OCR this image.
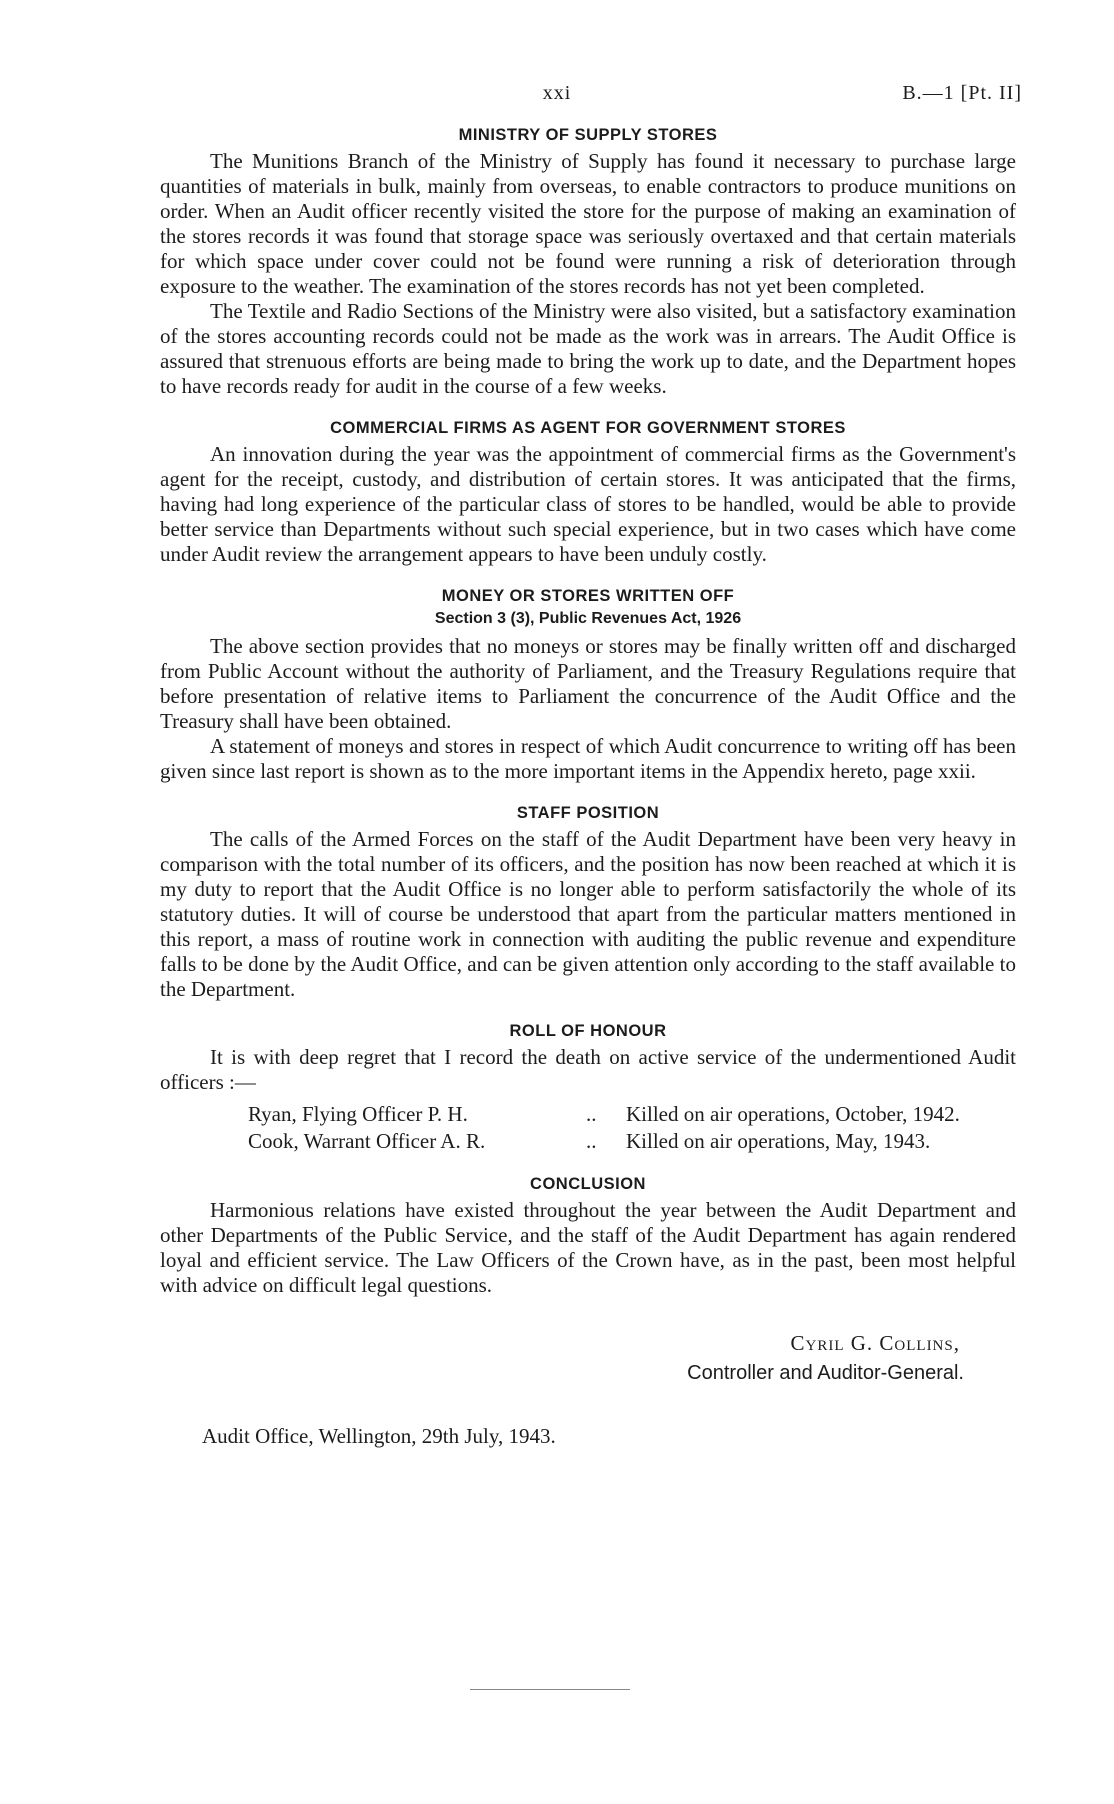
xxi	B.—1 [Pt. II]
MINISTRY OF SUPPLY STORES

The Munitions Branch of the Ministry of Supply has found it necessary to purchase large quantities of materials in bulk, mainly from overseas, to enable contractors to produce munitions on order. When an Audit officer recently visited the store for the purpose of making an examination of the stores records it was found that storage space was seriously overtaxed and that certain materials for which space under cover could not be found were running a risk of deterioration through exposure to the weather. The examination of the stores records has not yet been completed.

The Textile and Radio Sections of the Ministry were also visited, but a satisfactory examination of the stores accounting records could not be made as the work was in arrears. The Audit Office is assured that strenuous efforts are being made to bring the work up to date, and the Department hopes to have records ready for audit in the course of a few weeks.

COMMERCIAL FIRMS AS AGENT FOR GOVERNMENT STORES

An innovation during the year was the appointment of commercial firms as the Government's agent for the receipt, custody, and distribution of certain stores. It was anticipated that the firms, having had long experience of the particular class of stores to be handled, would be able to provide better service than Departments without such special experience, but in two cases which have come under Audit review the arrangement appears to have been unduly costly.

MONEY OR STORES WRITTEN OFF
Section 3 (3), Public Revenues Act, 1926

The above section provides that no moneys or stores may be finally written off and discharged from Public Account without the authority of Parliament, and the Treasury Regulations require that before presentation of relative items to Parliament the concurrence of the Audit Office and the Treasury shall have been obtained.

A statement of moneys and stores in respect of which Audit concurrence to writing off has been given since last report is shown as to the more important items in the Appendix hereto, page xxii.

STAFF POSITION

The calls of the Armed Forces on the staff of the Audit Department have been very heavy in comparison with the total number of its officers, and the position has now been reached at which it is my duty to report that the Audit Office is no longer able to perform satisfactorily the whole of its statutory duties. It will of course be understood that apart from the particular matters mentioned in this report, a mass of routine work in connection with auditing the public revenue and expenditure falls to be done by the Audit Office, and can be given attention only according to the staff available to the Department.

ROLL OF HONOUR

It is with deep regret that I record the death on active service of the undermentioned Audit officers :—

Ryan, Flying Officer P. H.	..	Killed on air operations, October, 1942.
Cook, Warrant Officer A. R.	..	Killed on air operations, May, 1943.
CONCLUSION

Harmonious relations have existed throughout the year between the Audit Department and other Departments of the Public Service, and the staff of the Audit Department has again rendered loyal and efficient service. The Law Officers of the Crown have, as in the past, been most helpful with advice on difficult legal questions.

Cyril G. Collins,
Controller and Auditor-General.
Audit Office, Wellington, 29th July, 1943.
